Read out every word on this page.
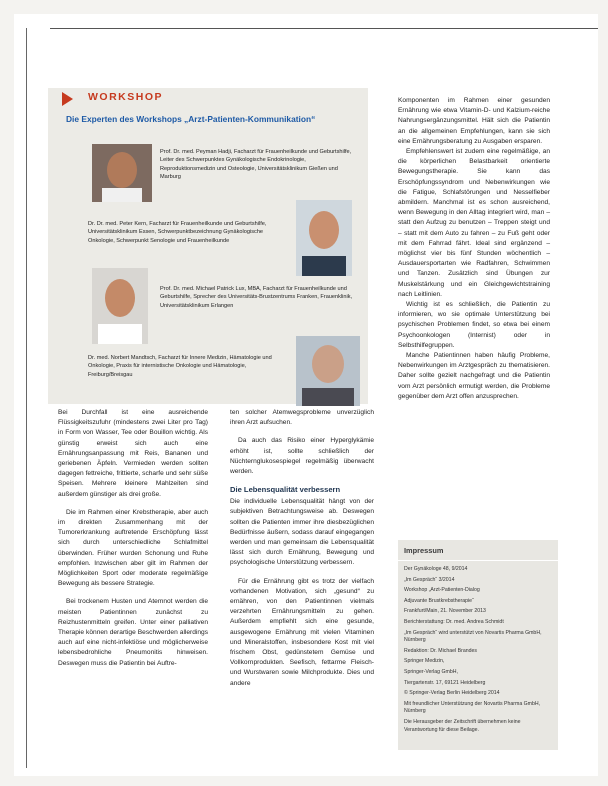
WORKSHOP
Die Experten des Workshops „Arzt-Patienten-Kommunikation“
Prof. Dr. med. Peyman Hadji, Facharzt für Frauenheilkunde und Geburtshilfe, Leiter des Schwerpunktes Gynäkologische Endokrinologie, Reproduktionsmedizin und Osteologie, Universitätsklinikum Gießen und Marburg
Dr. Dr. med. Peter Kern, Facharzt für Frauenheilkunde und Geburtshilfe, Universitätsklinikum Essen, Schwerpunktbezeichnung Gynäkologische Onkologie, Schwerpunkt Senologie und Frauenheilkunde
Prof. Dr. med. Michael Patrick Lux, MBA, Facharzt für Frauenheilkunde und Geburtshilfe, Sprecher des Universitäts-Brustzentrums Franken, Frauenklinik, Universitätsklinikum Erlangen
Dr. med. Norbert Mandtsch, Facharzt für Innere Medizin, Hämatologie und Onkologie, Praxis für internistische Onkologie und Hämatologie, Freiburg/Breisgau

Bei Durchfall ist eine ausreichende Flüssigkeitszufuhr (mindestens zwei Liter pro Tag) in Form von Wasser, Tee oder Bouillon wichtig. Als günstig erweist sich auch eine Ernährungsanpassung mit Reis, Bananen und geriebenen Äpfeln. Vermieden werden sollten dagegen fettreiche, frittierte, scharfe und sehr süße Speisen. Mehrere kleinere Mahlzeiten sind außerdem günstiger als drei große.

Die im Rahmen einer Krebstherapie, aber auch im direkten Zusammenhang mit der Tumorerkrankung auftretende Erschöpfung lässt sich durch unterschiedliche Schlafmittel überwinden. Früher wurden Schonung und Ruhe empfohlen. Inzwischen aber gilt im Rahmen der Möglichkeiten Sport oder moderate regelmäßige Bewegung als bessere Strategie.

Bei trockenem Husten und Atemnot werden die meisten Patientinnen zunächst zu Reizhustenmitteln greifen. Unter einer palliativen Therapie können derartige Beschwerden allerdings auch auf eine nicht-infektiöse und möglicherweise lebensbedrohliche Pneumonitis hinweisen. Deswegen muss die Patientin bei Auftre-

ten solcher Atemwegsprobleme unverzüglich ihren Arzt aufsuchen.

Da auch das Risiko einer Hyperglykämie erhöht ist, sollte schließlich der Nüchternglukosespiegel regelmäßig überwacht werden.

Die Lebensqualität verbessern

Die individuelle Lebensqualität hängt von der subjektiven Betrachtungsweise ab. Deswegen sollten die Patienten immer ihre diesbezüglichen Bedürfnisse äußern, sodass darauf eingegangen werden und man gemeinsam die Lebensqualität lässt sich durch Ernährung, Bewegung und psychologische Unterstützung verbessern.

Für die Ernährung gibt es trotz der vielfach vorhandenen Motivation, sich „gesund“ zu ernähren, von den Patientinnen vielmals verzehrten Ernährungsmitteln zu gehen. Außerdem empfiehlt sich eine gesunde, ausgewogene Ernährung mit vielen Vitaminen und Mineralstoffen, insbesondere Kost mit viel frischem Obst, gedünstetem Gemüse und Vollkornprodukten. Seefisch, fettarme Fleisch- und Wurstwaren sowie Milchprodukte. Dies und andere

Komponenten im Rahmen einer gesunden Ernährung wie etwa Vitamin-D- und Kalzium-reiche Nahrungsergänzungsmittel. Hält sich die Patientin an die allgemeinen Empfehlungen, kann sie sich eine Ernährungsberatung zu Ausgaben ersparen.

Empfehlenswert ist zudem eine regelmäßige, an die körperlichen Belastbarkeit orientierte Bewegungstherapie. Sie kann das Erschöpfungssyndrom und Nebenwirkungen wie die Fatigue, Schlafstörungen und Nesselfieber abmildern. Manchmal ist es schon ausreichend, wenn Bewegung in den Alltag integriert wird, man – statt den Aufzug zu benutzen – Treppen steigt und – statt mit dem Auto zu fahren – zu Fuß geht oder mit dem Fahrrad fährt. Ideal sind ergänzend – möglichst vier bis fünf Stunden wöchentlich – Ausdauersportarten wie Radfahren, Schwimmen und Tanzen. Zusätzlich sind Übungen zur Muskelstärkung und ein Gleichgewichtstraining nach Leitlinien.

Wichtig ist es schließlich, die Patientin zu informieren, wo sie optimale Unterstützung bei psychischen Problemen findet, so etwa bei einem Psychoonkologen (Internist) oder in Selbsthilfegruppen.

Manche Patientinnen haben häufig Probleme, Nebenwirkungen im Arztgespräch zu thematisieren. Daher sollte gezielt nachgefragt und die Patientin vom Arzt persönlich ermutigt werden, die Probleme gegenüber dem Arzt offen anzusprechen.

Impressum

Der Gynäkologe 48, 9/2014

„Im Gespräch“ 3/2014

Workshop „Arzt-Patienten-Dialog

Adjuvante Brustkrebstherapie“

Frankfurt/Main, 21. November 2013

Berichterstattung: Dr. med. Andrea Schmidt

„Im Gespräch“ wird unterstützt von Novartis Pharma GmbH, Nürnberg

Redaktion: Dr. Michael Brandes

Springer Medizin,

Springer-Verlag GmbH,

Tiergartenstr. 17, 69121 Heidelberg

© Springer-Verlag Berlin Heidelberg 2014

Mit freundlicher Unterstützung der Novartis Pharma GmbH, Nürnberg

Die Herausgeber der Zeitschrift übernehmen keine Verantwortung für diese Beilage.
